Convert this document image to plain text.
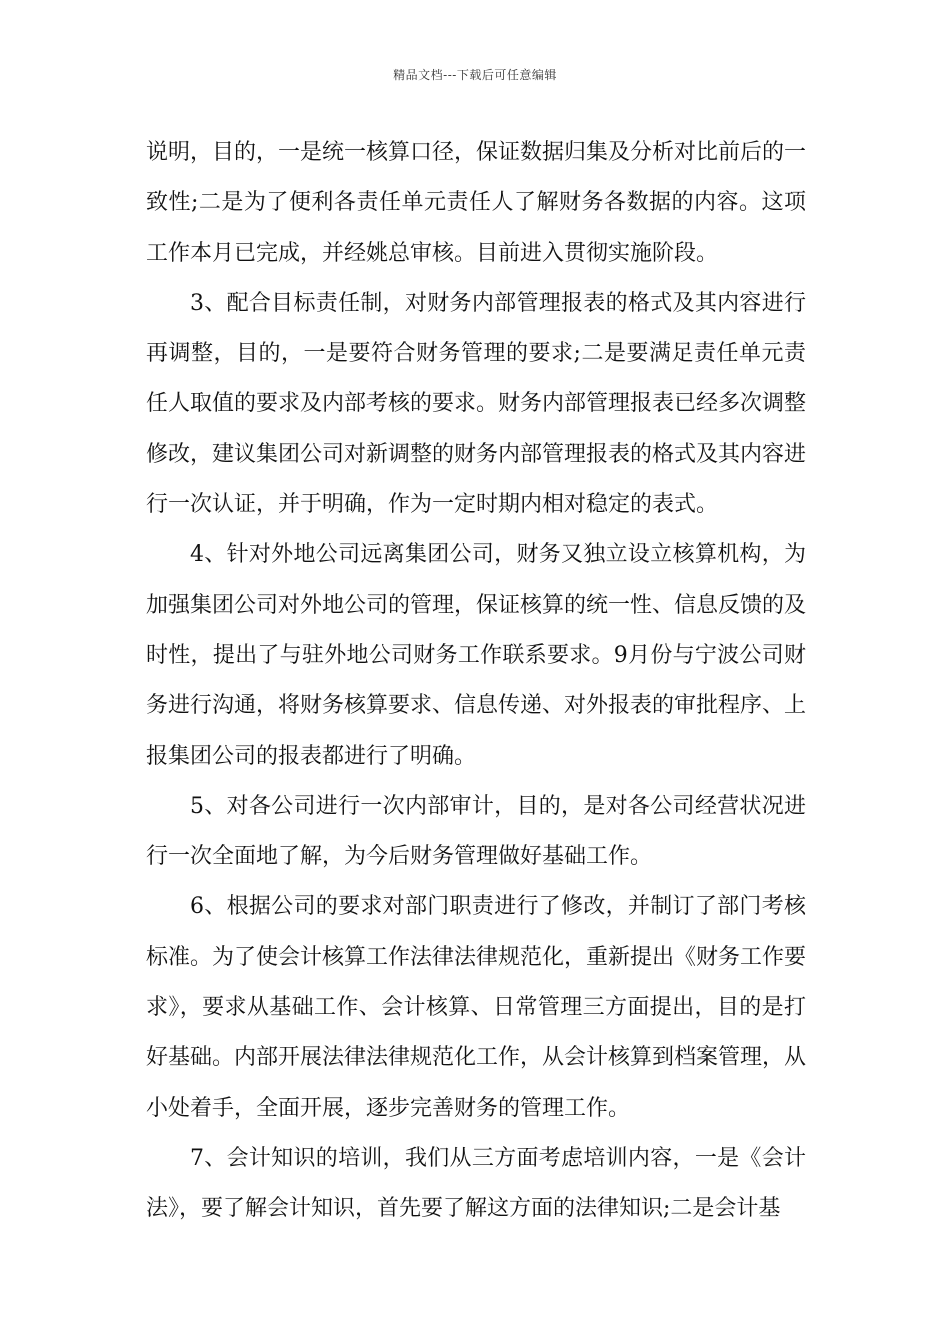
精品文档---下载后可任意编辑

说明，目的，一是统一核算口径，保证数据归集及分析对比前后的一致性;二是为了便利各责任单元责任人了解财务各数据的内容。这项工作本月已完成，并经姚总审核。目前进入贯彻实施阶段。

3、配合目标责任制，对财务内部管理报表的格式及其内容进行再调整，目的，一是要符合财务管理的要求;二是要满足责任单元责任人取值的要求及内部考核的要求。财务内部管理报表已经多次调整修改，建议集团公司对新调整的财务内部管理报表的格式及其内容进行一次认证，并于明确，作为一定时期内相对稳定的表式。

4、针对外地公司远离集团公司，财务又独立设立核算机构，为加强集团公司对外地公司的管理，保证核算的统一性、信息反馈的及时性，提出了与驻外地公司财务工作联系要求。9月份与宁波公司财务进行沟通，将财务核算要求、信息传递、对外报表的审批程序、上报集团公司的报表都进行了明确。

5、对各公司进行一次内部审计，目的，是对各公司经营状况进行一次全面地了解，为今后财务管理做好基础工作。

6、根据公司的要求对部门职责进行了修改，并制订了部门考核标准。为了使会计核算工作法律法律规范化，重新提出《财务工作要求》，要求从基础工作、会计核算、日常管理三方面提出，目的是打好基础。内部开展法律法律规范化工作，从会计核算到档案管理，从小处着手，全面开展，逐步完善财务的管理工作。

7、会计知识的培训，我们从三方面考虑培训内容，一是《会计法》，要了解会计知识，首先要了解这方面的法律知识;二是会计基
